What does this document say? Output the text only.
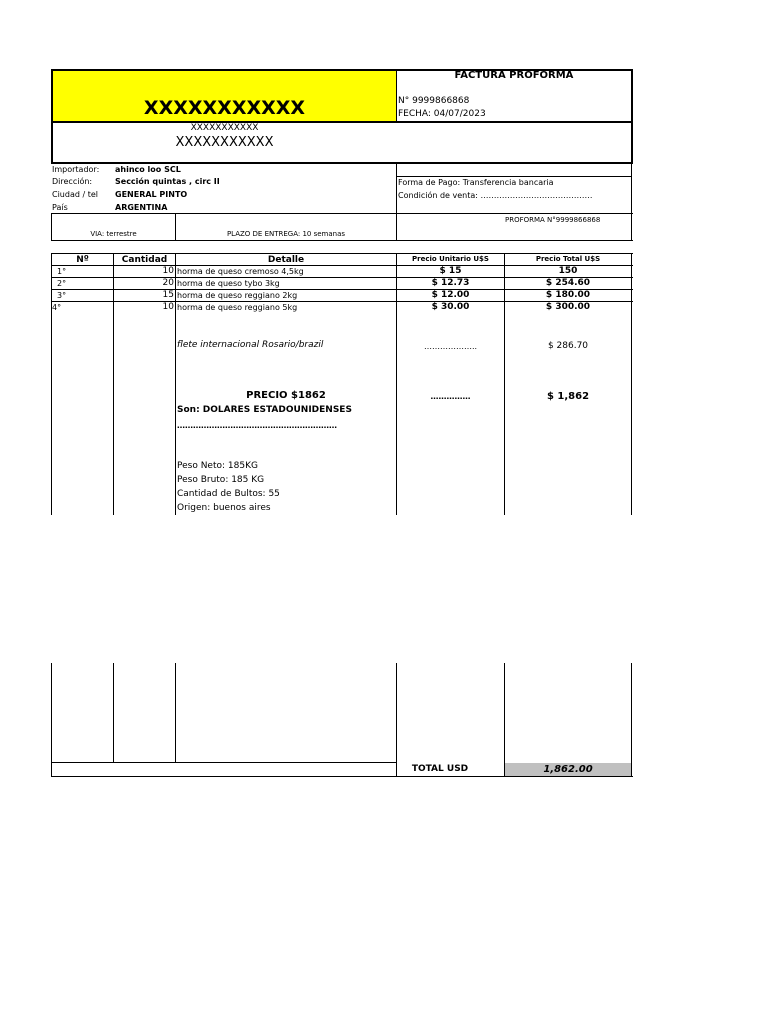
XXXXXXXXXXX
FACTURA PROFORMA
N° 9999866868
FECHA: 04/07/2023
XXXXXXXXXXX
XXXXXXXXXXX
Importador: ahinco loo SCL
Dirección:	Sección quintas , circ II
Ciudad / tel GENERAL PINTO
País	ARGENTINA
Forma de Pago: Transferencia bancaria
Condición de venta: ……………………………………
VIA: terrestre	PLAZO DE ENTREGA: 10 semanas
PROFORMA N°9999866868
Nº	Cantidad	Detalle	Precio Unitario U$S	Precio Total U$S
1°	10 horma de queso cremoso 4,5kg	$ 15	150
2°	20 horma de queso tybo 3kg	$ 12.73	$ 254.60
3°	15 horma de queso reggiano 2kg	$ 12.00	$ 180.00
4°	10 horma de queso reggiano 5kg	$ 30.00	$ 300.00
flete internacional Rosario/brazil	………………..	$ 286.70
PRECIO $1862	……………	$ 1,862
Son: DOLARES ESTADOUNIDENSES
……………………………………………………
Peso Neto: 185KG
Peso Bruto: 185 KG
Cantidad de Bultos: 55
Origen: buenos aires
TOTAL USD	1,862.00
